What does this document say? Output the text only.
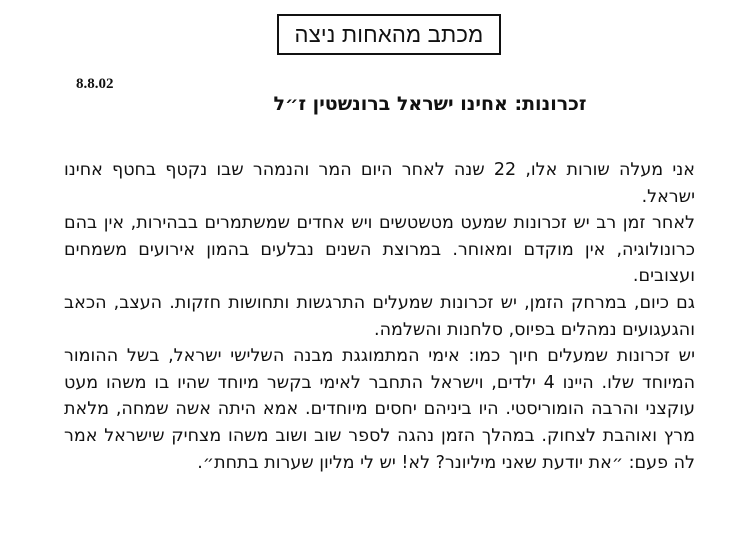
מכתב מהאחות ניצה
8.8.02
זכרונות: אחינו ישראל ברונשטין ז״ל

אני מעלה שורות אלו, 22 שנה לאחר היום המר והנמהר שבו נקטף בחטף אחינו ישראל.

לאחר זמן רב יש זכרונות שמעט מטשטשים ויש אחדים שמשתמרים בבהירות, אין בהם כרונולוגיה, אין מוקדם ומאוחר. במרוצת השנים נבלעים בהמון אירועים משמחים ועצובים.

גם כיום, במרחק הזמן, יש זכרונות שמעלים התרגשות ותחושות חזקות. העצב, הכאב והגעגועים נמהלים בפיוס, סלחנות והשלמה.

יש זכרונות שמעלים חיוך כמו: אימי המתמוגגת מבנה השלישי ישראל, בשל ההומור המיוחד שלו. היינו 4 ילדים, וישראל התחבר לאימי בקשר מיוחד שהיו בו משהו מעט עוקצני והרבה הומוריסטי. היו ביניהם יחסים מיוחדים. אמא היתה אשה שמחה, מלאת מרץ ואוהבת לצחוק. במהלך הזמן נהגה לספר שוב ושוב משהו מצחיק שישראל אמר לה פעם: ״את יודעת שאני מיליונר? לא! יש לי מליון שערות בתחת״.
